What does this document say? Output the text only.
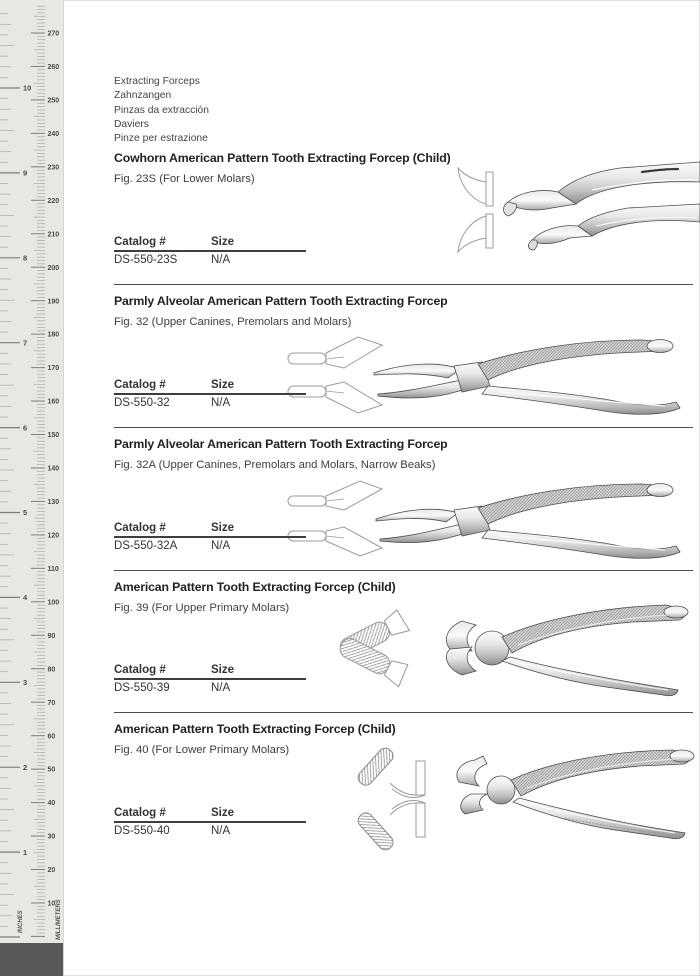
270
260
250
240
230
220
210
200
190
180
170
160
150
140
130
120
110
100
90
80
70
60
50
40
30
20
10
10
9
8
7
6
5
4
3
2
1
INCHES	MILLIMETERS
Extracting Forceps
Zahnzangen
Pinzas da extracción
Daviers
Pinze per estrazione
Cowhorn American Pattern Tooth Extracting Forcep (Child)
Fig. 23S (For Lower Molars)
Catalog #	Size
DS-550-23S	N/A
Parmly Alveolar American Pattern Tooth Extracting Forcep
Fig. 32 (Upper Canines, Premolars and Molars)
Catalog #	Size
DS-550-32	N/A
Parmly Alveolar American Pattern Tooth Extracting Forcep
Fig. 32A (Upper Canines, Premolars and Molars, Narrow Beaks)
Catalog #	Size
DS-550-32A	N/A
American Pattern Tooth Extracting Forcep (Child)
Fig. 39 (For Upper Primary Molars)
Catalog #	Size
DS-550-39	N/A
American Pattern Tooth Extracting Forcep (Child)
Fig. 40 (For Lower Primary Molars)
Catalog #	Size
DS-550-40	N/A
